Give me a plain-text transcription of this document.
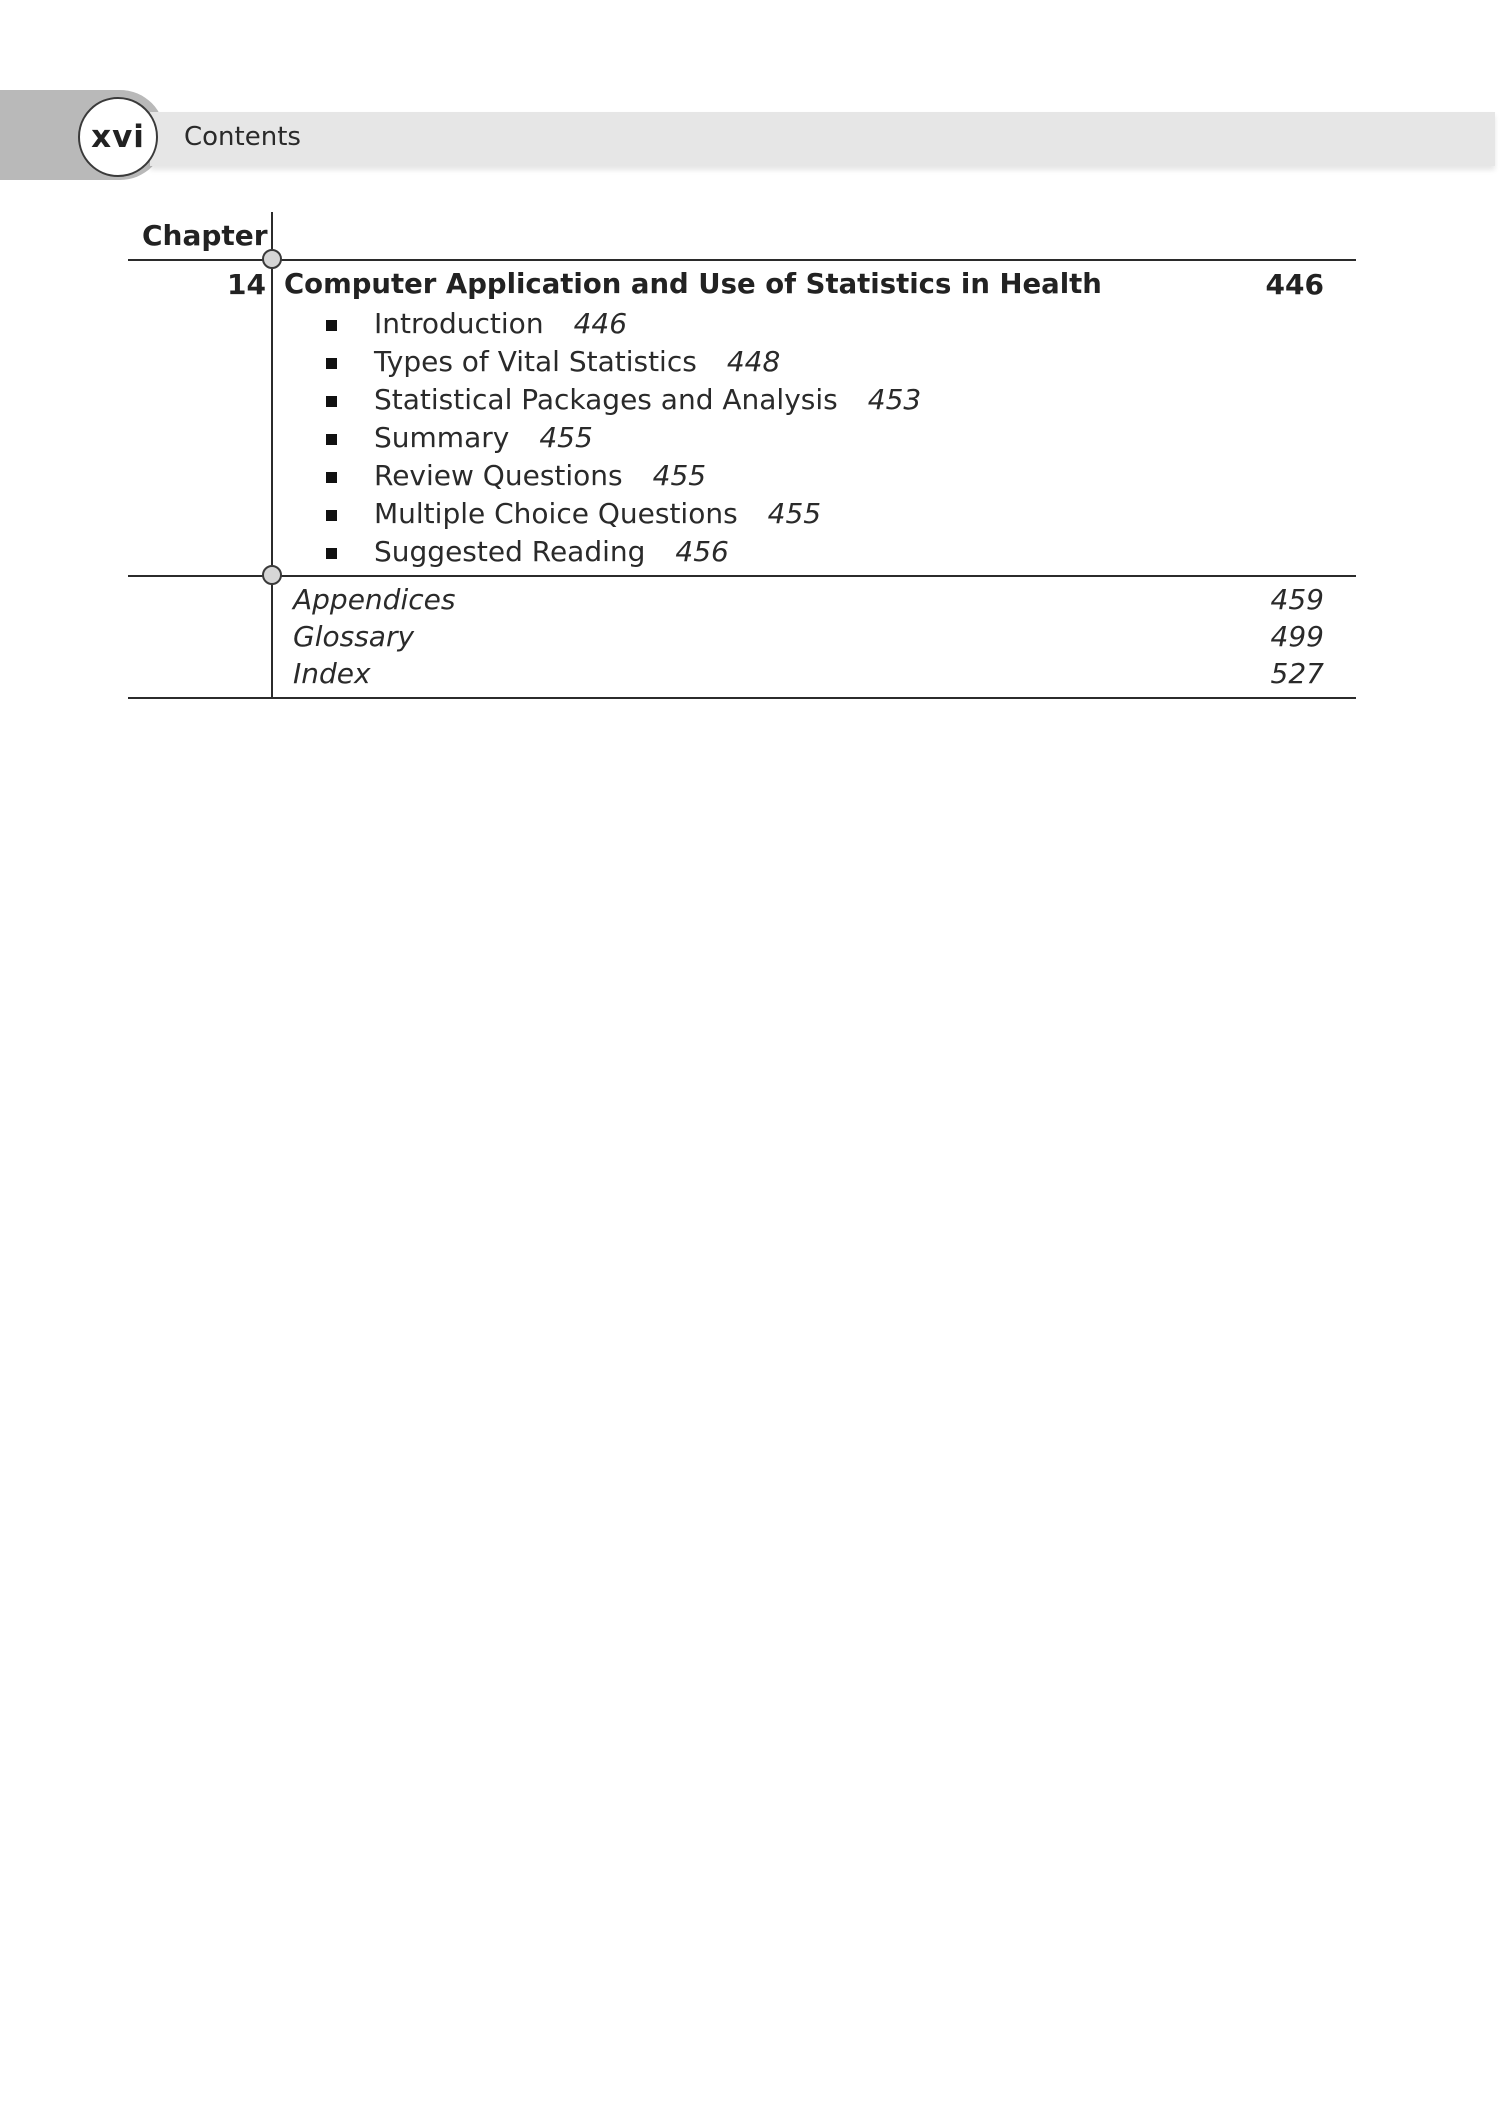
xvi	Contents
Chapter
14 Computer Application and Use of Statistics in Health	446
Introduction 446
Types of Vital Statistics 448
Statistical Packages and Analysis 453
Summary 455
Review Questions 455
Multiple Choice Questions 455
Suggested Reading 456
Appendices	459
Glossary	499
Index	527
